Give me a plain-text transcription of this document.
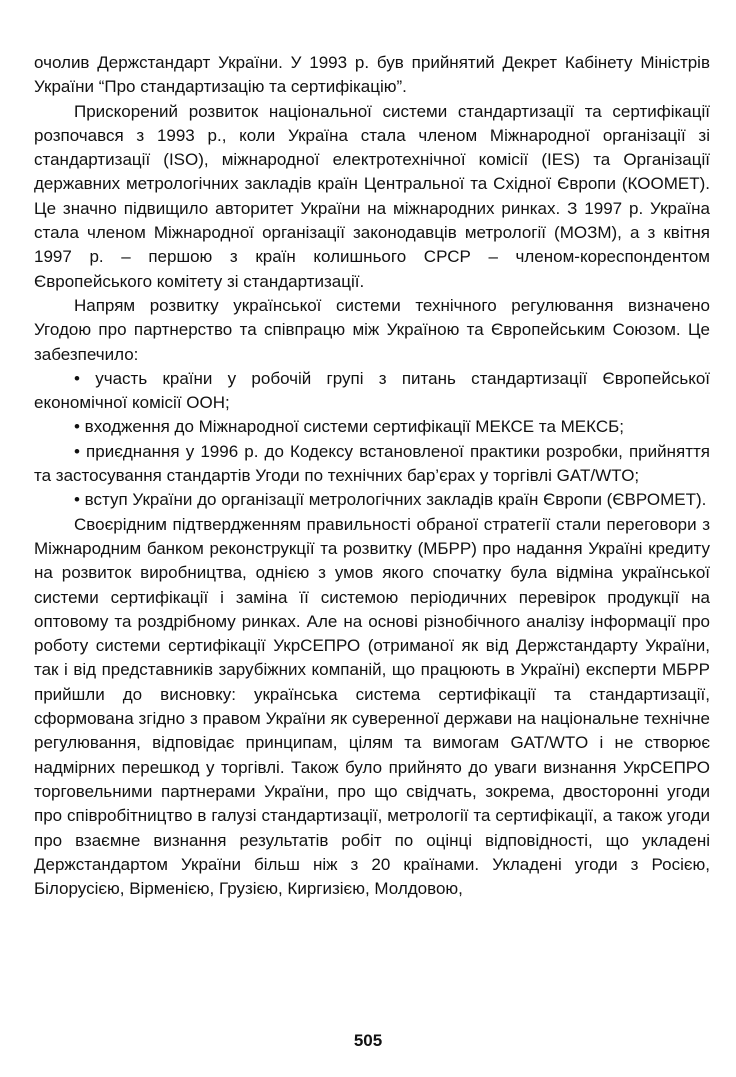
очолив Держстандарт України. У 1993 р. був прийнятий Декрет Кабінету Міністрів України “Про стандартизацію та сертифікацію”.

Прискорений розвиток національної системи стандартизації та сертифікації розпочався з 1993 р., коли Україна стала членом Міжнародної організації зі стандартизації (ISO), міжнародної електротехнічної комісії (IES) та Організації державних метрологічних закладів країн Центральної та Східної Європи (КООМЕТ). Це значно підвищило авторитет України на міжнародних ринках. З 1997 р. Україна стала членом Міжнародної організації законодавців метрології (МОЗМ), а з квітня 1997 р. – першою з країн колишнього СРСР – членом-кореспондентом Європейського комітету зі стандартизації.

Напрям розвитку української системи технічного регулювання визначено Угодою про партнерство та співпрацю між Україною та Європейським Союзом. Це забезпечило:

• участь країни у робочій групі з питань стандартизації Європейської економічної комісії ООН;

• входження до Міжнародної системи сертифікації МЕКСЕ та МЕКСБ;

• приєднання у 1996 р. до Кодексу встановленої практики розробки, прийняття та застосування стандартів Угоди по технічних бар’єрах у торгівлі GAT/WTO;

• вступ України до організації метрологічних закладів країн Європи (ЄВРОМЕТ).

Своєрідним підтвердженням правильності обраної стратегії стали переговори з Міжнародним банком реконструкції та розвитку (МБРР) про надання Україні кредиту на розвиток виробництва, однією з умов якого спочатку була відміна української системи сертифікації і заміна її системою періодичних перевірок продукції на оптовому та роздрібному ринках. Але на основі різнобічного аналізу інформації про роботу системи сертифікації УкрСЕПРО (отриманої як від Держстандарту України, так і від представників зарубіжних компаній, що працюють в Україні) експерти МБРР прийшли до висновку: українська система сертифікації та стандартизації, сформована згідно з правом України як суверенної держави на національне технічне регулювання, відповідає принципам, цілям та вимогам GAT/WTO і не створює надмірних перешкод у торгівлі. Також було прийнято до уваги визнання УкрСЕПРО торговельними партнерами України, про що свідчать, зокрема, двосторонні угоди про співробітництво в галузі стандартизації, метрології та сертифікації, а також угоди про взаємне визнання результатів робіт по оцінці відповідності, що укладені Держстандартом України більш ніж з 20 країнами. Укладені угоди з Росією, Білорусією, Вірменією, Грузією, Киргизією, Молдовою,

505
